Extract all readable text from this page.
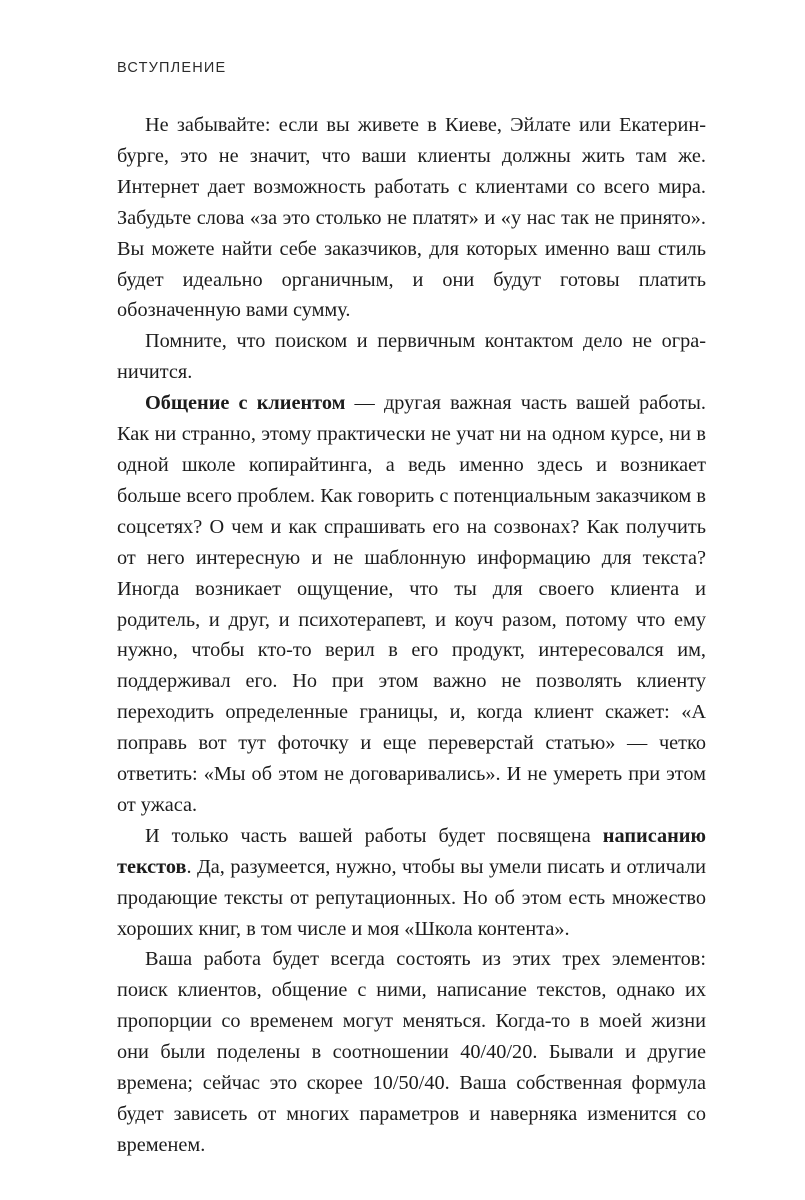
ВСТУПЛЕНИЕ

Не забывайте: если вы живете в Киеве, Эйлате или Екатеринбурге, это не значит, что ваши клиенты должны жить там же. Интернет дает возможность работать с клиентами со всего мира. Забудьте слова «за это столько не платят» и «у нас так не принято». Вы можете найти себе заказчиков, для которых именно ваш стиль будет идеально органичным, и они будут готовы платить обозначенную вами сумму.

Помните, что поиском и первичным контактом дело не ограничится.

Общение с клиентом — другая важная часть вашей работы. Как ни странно, этому практически не учат ни на одном курсе, ни в одной школе копирайтинга, а ведь именно здесь и возникает больше всего проблем. Как говорить с потенциальным заказчиком в соцсетях? О чем и как спрашивать его на созвонах? Как получить от него интересную и не шаблонную информацию для текста? Иногда возникает ощущение, что ты для своего клиента и родитель, и друг, и психотерапевт, и коуч разом, потому что ему нужно, чтобы кто-то верил в его продукт, интересовался им, поддерживал его. Но при этом важно не позволять клиенту переходить определенные границы, и, когда клиент скажет: «А поправь вот тут фоточку и еще переверстай статью» — четко ответить: «Мы об этом не договаривались». И не умереть при этом от ужаса.

И только часть вашей работы будет посвящена написанию текстов. Да, разумеется, нужно, чтобы вы умели писать и отличали продающие тексты от репутационных. Но об этом есть множество хороших книг, в том числе и моя «Школа контента».

Ваша работа будет всегда состоять из этих трех элементов: поиск клиентов, общение с ними, написание текстов, однако их пропорции со временем могут меняться. Когда-то в моей жизни они были поделены в соотношении 40/40/20. Бывали и другие времена; сейчас это скорее 10/50/40. Ваша собственная формула будет зависеть от многих параметров и наверняка изменится со временем.
